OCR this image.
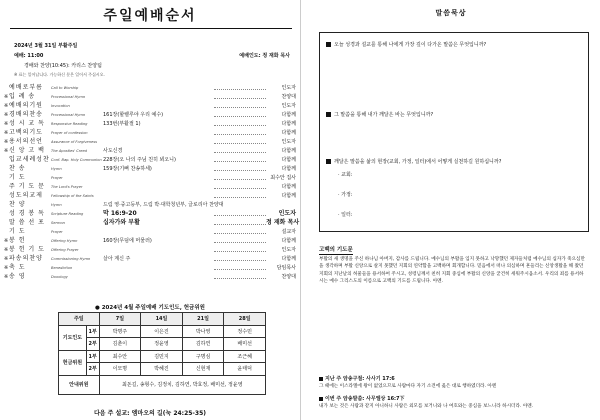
주일예배순서
2024년 3월 31일 부활주일
예배: 11:00	예배인도: 정 재화 목사
경배와 찬양(10:45): 카리스 찬양팀
※ 표는 일어납니다. 가능하신 분은 일어서 주십시오.
예배로부름	Call to Worship	인도자
※ 입 례 송	Processional Hymn	찬양대
※ 예배의기원	Invocation	인도자
※ 경배의찬송	Processional Hymn	161장(할렐루야 우리 예수)	다함께
※ 성 시 교 독	Responsive Reading	133번(부활절 1)	다함께
※ 고백의기도	Prayer of confession	다함께
※ 용서의선언	Assurance of Forgiveness	인도자
※ 신 앙 고 백	The Apostles' Creed	사도신경	다함께
입교세례성찬 Conf. Bap. Holy Communion 228장(오 나의 주님 친히 뵈오니)	다함께
찬 송	Hymn	159장(기뻐 찬송하세)	다함께
기 도	Prayer	최수안 집사
주 기 도 문	The Lord's Prayer	다함께
성도의교제	Fellowship of the Saints	다함께
찬 양	Hymn	드림 영·중고등부, 드림 박·대학청년부, 글로리아 찬양대
성 경 봉 독	Scripture Reading	막 16:9-20	인도자
말 씀 선 포	Sermon	십자가와 부활	정 재화 목사
기 도	Prayer	설교자
※ 봉 헌	Offering Hymn	160장(무덤에 머물러)	다함께
※ 봉 헌 기 도	Offering Prayer	인도자
※ 파송의찬양	Commissioning Hymn	살아 계신 주	다함께
※ 축 도	Benediction	담임목사
※ 송 영	Doxology	찬양대
● 2024년 4월 주일예배 기도인도, 헌금위원
주일		7일	14일	21일	28일
기도인도	1부	박명주	이은진	박나영	정수민
	2부	김춘이	정윤영	김하연	배미선
헌금위원	1부	최수안	김민지	구명심	조근혜
	2부	이모명	박혜진	신현재	윤태덕
안내위원		최돈길, 송형수, 김정치, 김하연, 박효정, 배미선, 정윤영			
다음 주 설교: 엠마오의 길(눅 24:25-35)
말씀묵상
오늘 성경과 설교를 통해 나에게 가장 깊이 다가온 말씀은 무엇입니까?
그 말씀을 통해 내가 깨달은 바는 무엇입니까?
깨달은 말씀을 삶의 현장(교회, 가정, 일터)에서 어떻게 실천하길 원하십니까?
· 교회:
· 가정:
· 일터:
고백의 기도문
부활의 새 생명을 주신 하나님 아버지, 감사를 드립니다. 예수님의 부활을 입지 못하고 낙망했던 제자들처럼 예수님의 십자가 죽으심만을 생각하며 부활 신앙으로 살지 못했던 지회의 연약함을 고백하며 회개합니다. 믿음에서 떠나 의심하며 흔들리는 신앙생활을 해 왔던 지회의 지난날의 허물들을 용서하여 주시고, 성령님께서 친히 지회 중심에 부활의 신앙을 굳건히 세워주시옵소서. 우리의 죄를 용서하시는 예수 그리스도의 이름으로 고백의 기도를 드립니다. 아멘.
지난 주 암송구절: 사사기 17:6
그 때에는 이스라엘에 왕이 없었으므로 사람마다 자기 소견에 옳은 대로 행하였더라. 아멘
이번 주 암송말씀: 사무엘상 16:7下
내가 보는 것은 사람과 같지 아니하니 사람은 외모를 보거니와 나 여호와는 중심을 보느니라 하시더라. 아멘.
